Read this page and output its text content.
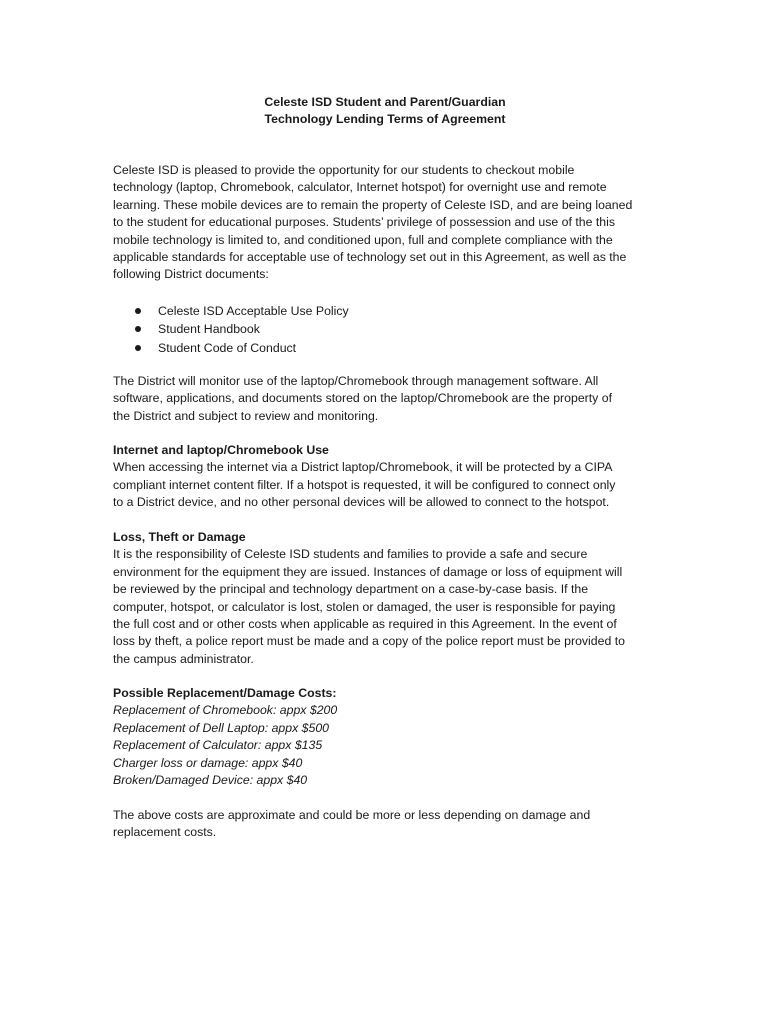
Celeste ISD Student and Parent/Guardian
Technology Lending Terms of Agreement
Celeste ISD is pleased to provide the opportunity for our students to checkout mobile
technology (laptop, Chromebook, calculator, Internet hotspot) for overnight use and remote
learning. These mobile devices are to remain the property of Celeste ISD, and are being loaned
to the student for educational purposes. Students’ privilege of possession and use of the this
mobile technology is limited to, and conditioned upon, full and complete compliance with the
applicable standards for acceptable use of technology set out in this Agreement, as well as the
following District documents:
Celeste ISD Acceptable Use Policy
Student Handbook
Student Code of Conduct
The District will monitor use of the laptop/Chromebook through management software. All
software, applications, and documents stored on the laptop/Chromebook are the property of
the District and subject to review and monitoring.
Internet and laptop/Chromebook Use
When accessing the internet via a District laptop/Chromebook, it will be protected by a CIPA
compliant internet content filter. If a hotspot is requested, it will be configured to connect only
to a District device, and no other personal devices will be allowed to connect to the hotspot.
Loss, Theft or Damage
It is the responsibility of Celeste ISD students and families to provide a safe and secure
environment for the equipment they are issued. Instances of damage or loss of equipment will
be reviewed by the principal and technology department on a case-by-case basis. If the
computer, hotspot, or calculator is lost, stolen or damaged, the user is responsible for paying
the full cost and or other costs when applicable as required in this Agreement. In the event of
loss by theft, a police report must be made and a copy of the police report must be provided to
the campus administrator.
Possible Replacement/Damage Costs:
Replacement of Chromebook: appx $200
Replacement of Dell Laptop: appx $500
Replacement of Calculator: appx $135
Charger loss or damage: appx $40
Broken/Damaged Device: appx $40
The above costs are approximate and could be more or less depending on damage and
replacement costs.
